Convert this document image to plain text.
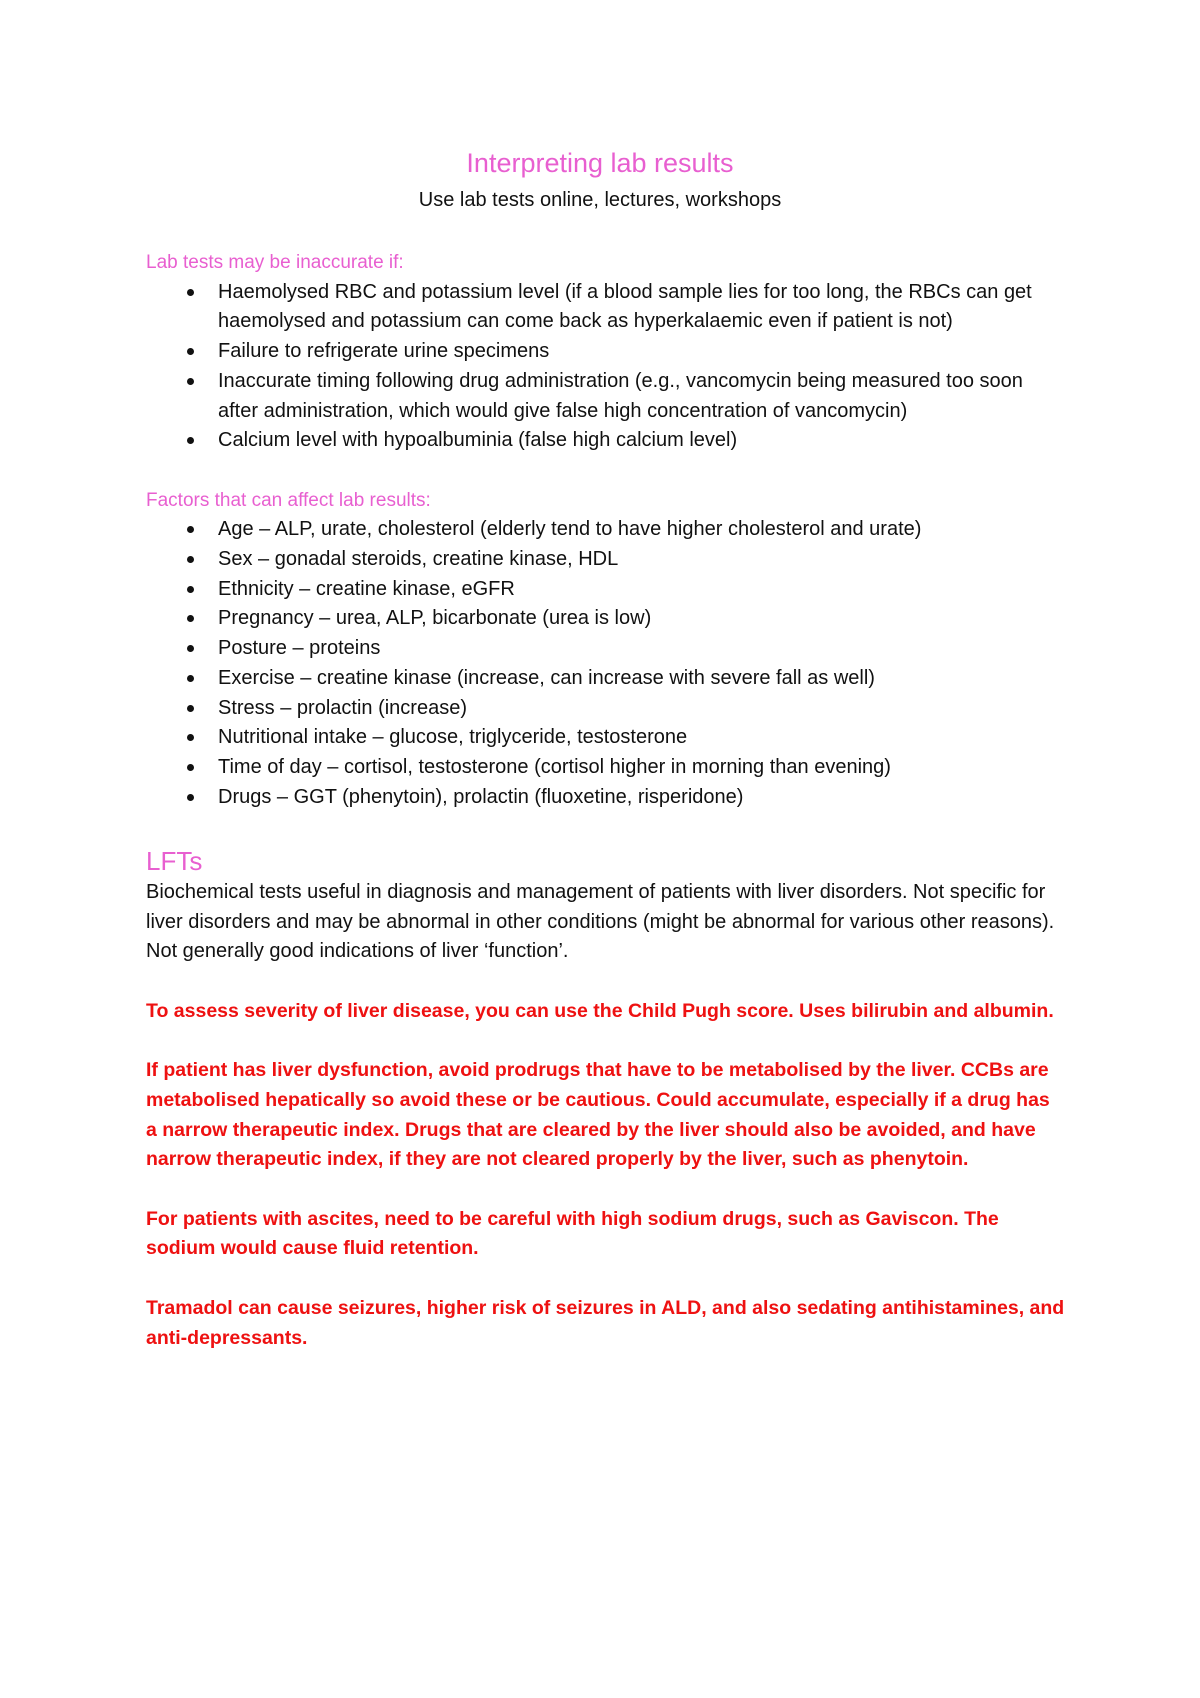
Interpreting lab results
Use lab tests online, lectures, workshops
Lab tests may be inaccurate if:
Haemolysed RBC and potassium level (if a blood sample lies for too long, the RBCs can get haemolysed and potassium can come back as hyperkalaemic even if patient is not)
Failure to refrigerate urine specimens
Inaccurate timing following drug administration (e.g., vancomycin being measured too soon after administration, which would give false high concentration of vancomycin)
Calcium level with hypoalbuminia (false high calcium level)
Factors that can affect lab results:
Age – ALP, urate, cholesterol (elderly tend to have higher cholesterol and urate)
Sex – gonadal steroids, creatine kinase, HDL
Ethnicity – creatine kinase, eGFR
Pregnancy – urea, ALP, bicarbonate (urea is low)
Posture – proteins
Exercise – creatine kinase (increase, can increase with severe fall as well)
Stress – prolactin (increase)
Nutritional intake – glucose, triglyceride, testosterone
Time of day – cortisol, testosterone (cortisol higher in morning than evening)
Drugs – GGT (phenytoin), prolactin (fluoxetine, risperidone)
LFTs

Biochemical tests useful in diagnosis and management of patients with liver disorders. Not specific for liver disorders and may be abnormal in other conditions (might be abnormal for various other reasons). Not generally good indications of liver ‘function’.

To assess severity of liver disease, you can use the Child Pugh score. Uses bilirubin and albumin.

If patient has liver dysfunction, avoid prodrugs that have to be metabolised by the liver. CCBs are metabolised hepatically so avoid these or be cautious. Could accumulate, especially if a drug has a narrow therapeutic index. Drugs that are cleared by the liver should also be avoided, and have narrow therapeutic index, if they are not cleared properly by the liver, such as phenytoin.

For patients with ascites, need to be careful with high sodium drugs, such as Gaviscon. The sodium would cause fluid retention.

Tramadol can cause seizures, higher risk of seizures in ALD, and also sedating antihistamines, and anti-depressants.
